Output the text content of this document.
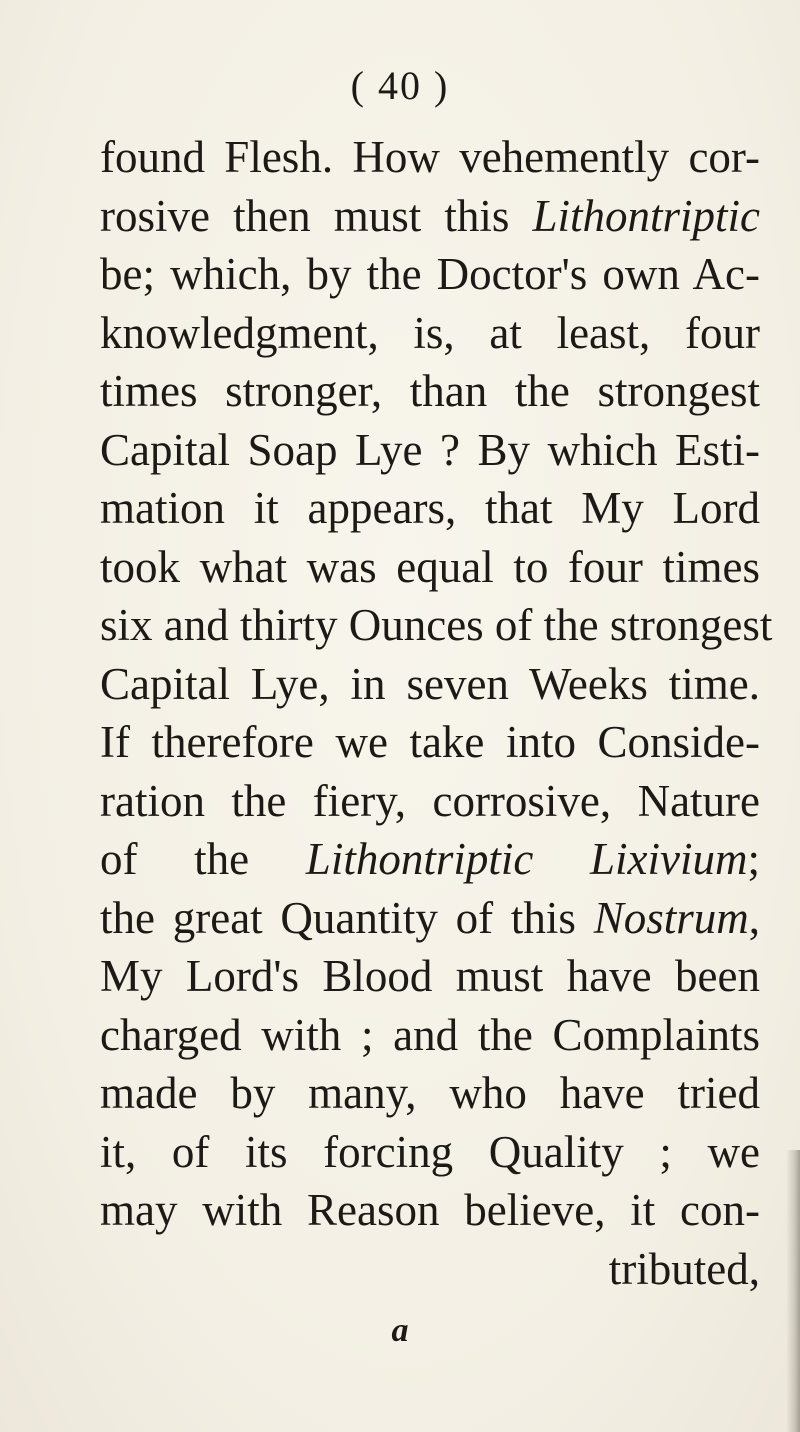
( 40 )
found Flesh. How vehemently cor-
rosive then must this Lithontriptic
be; which, by the Doctor's own Ac-
knowledgment, is, at least, four
times stronger, than the strongest
Capital Soap Lye ? By which Esti-
mation it appears, that My Lord
took what was equal to four times
six and thirty Ounces of the strongest
Capital Lye, in seven Weeks time.
If therefore we take into Conside-
ration the fiery, corrosive, Nature
of the Lithontriptic Lixivium;
the great Quantity of this Nostrum,
My Lord's Blood must have been
charged with ; and the Complaints
made by many, who have tried
it, of its forcing Quality ; we
may with Reason believe, it con-
tributed,
a
